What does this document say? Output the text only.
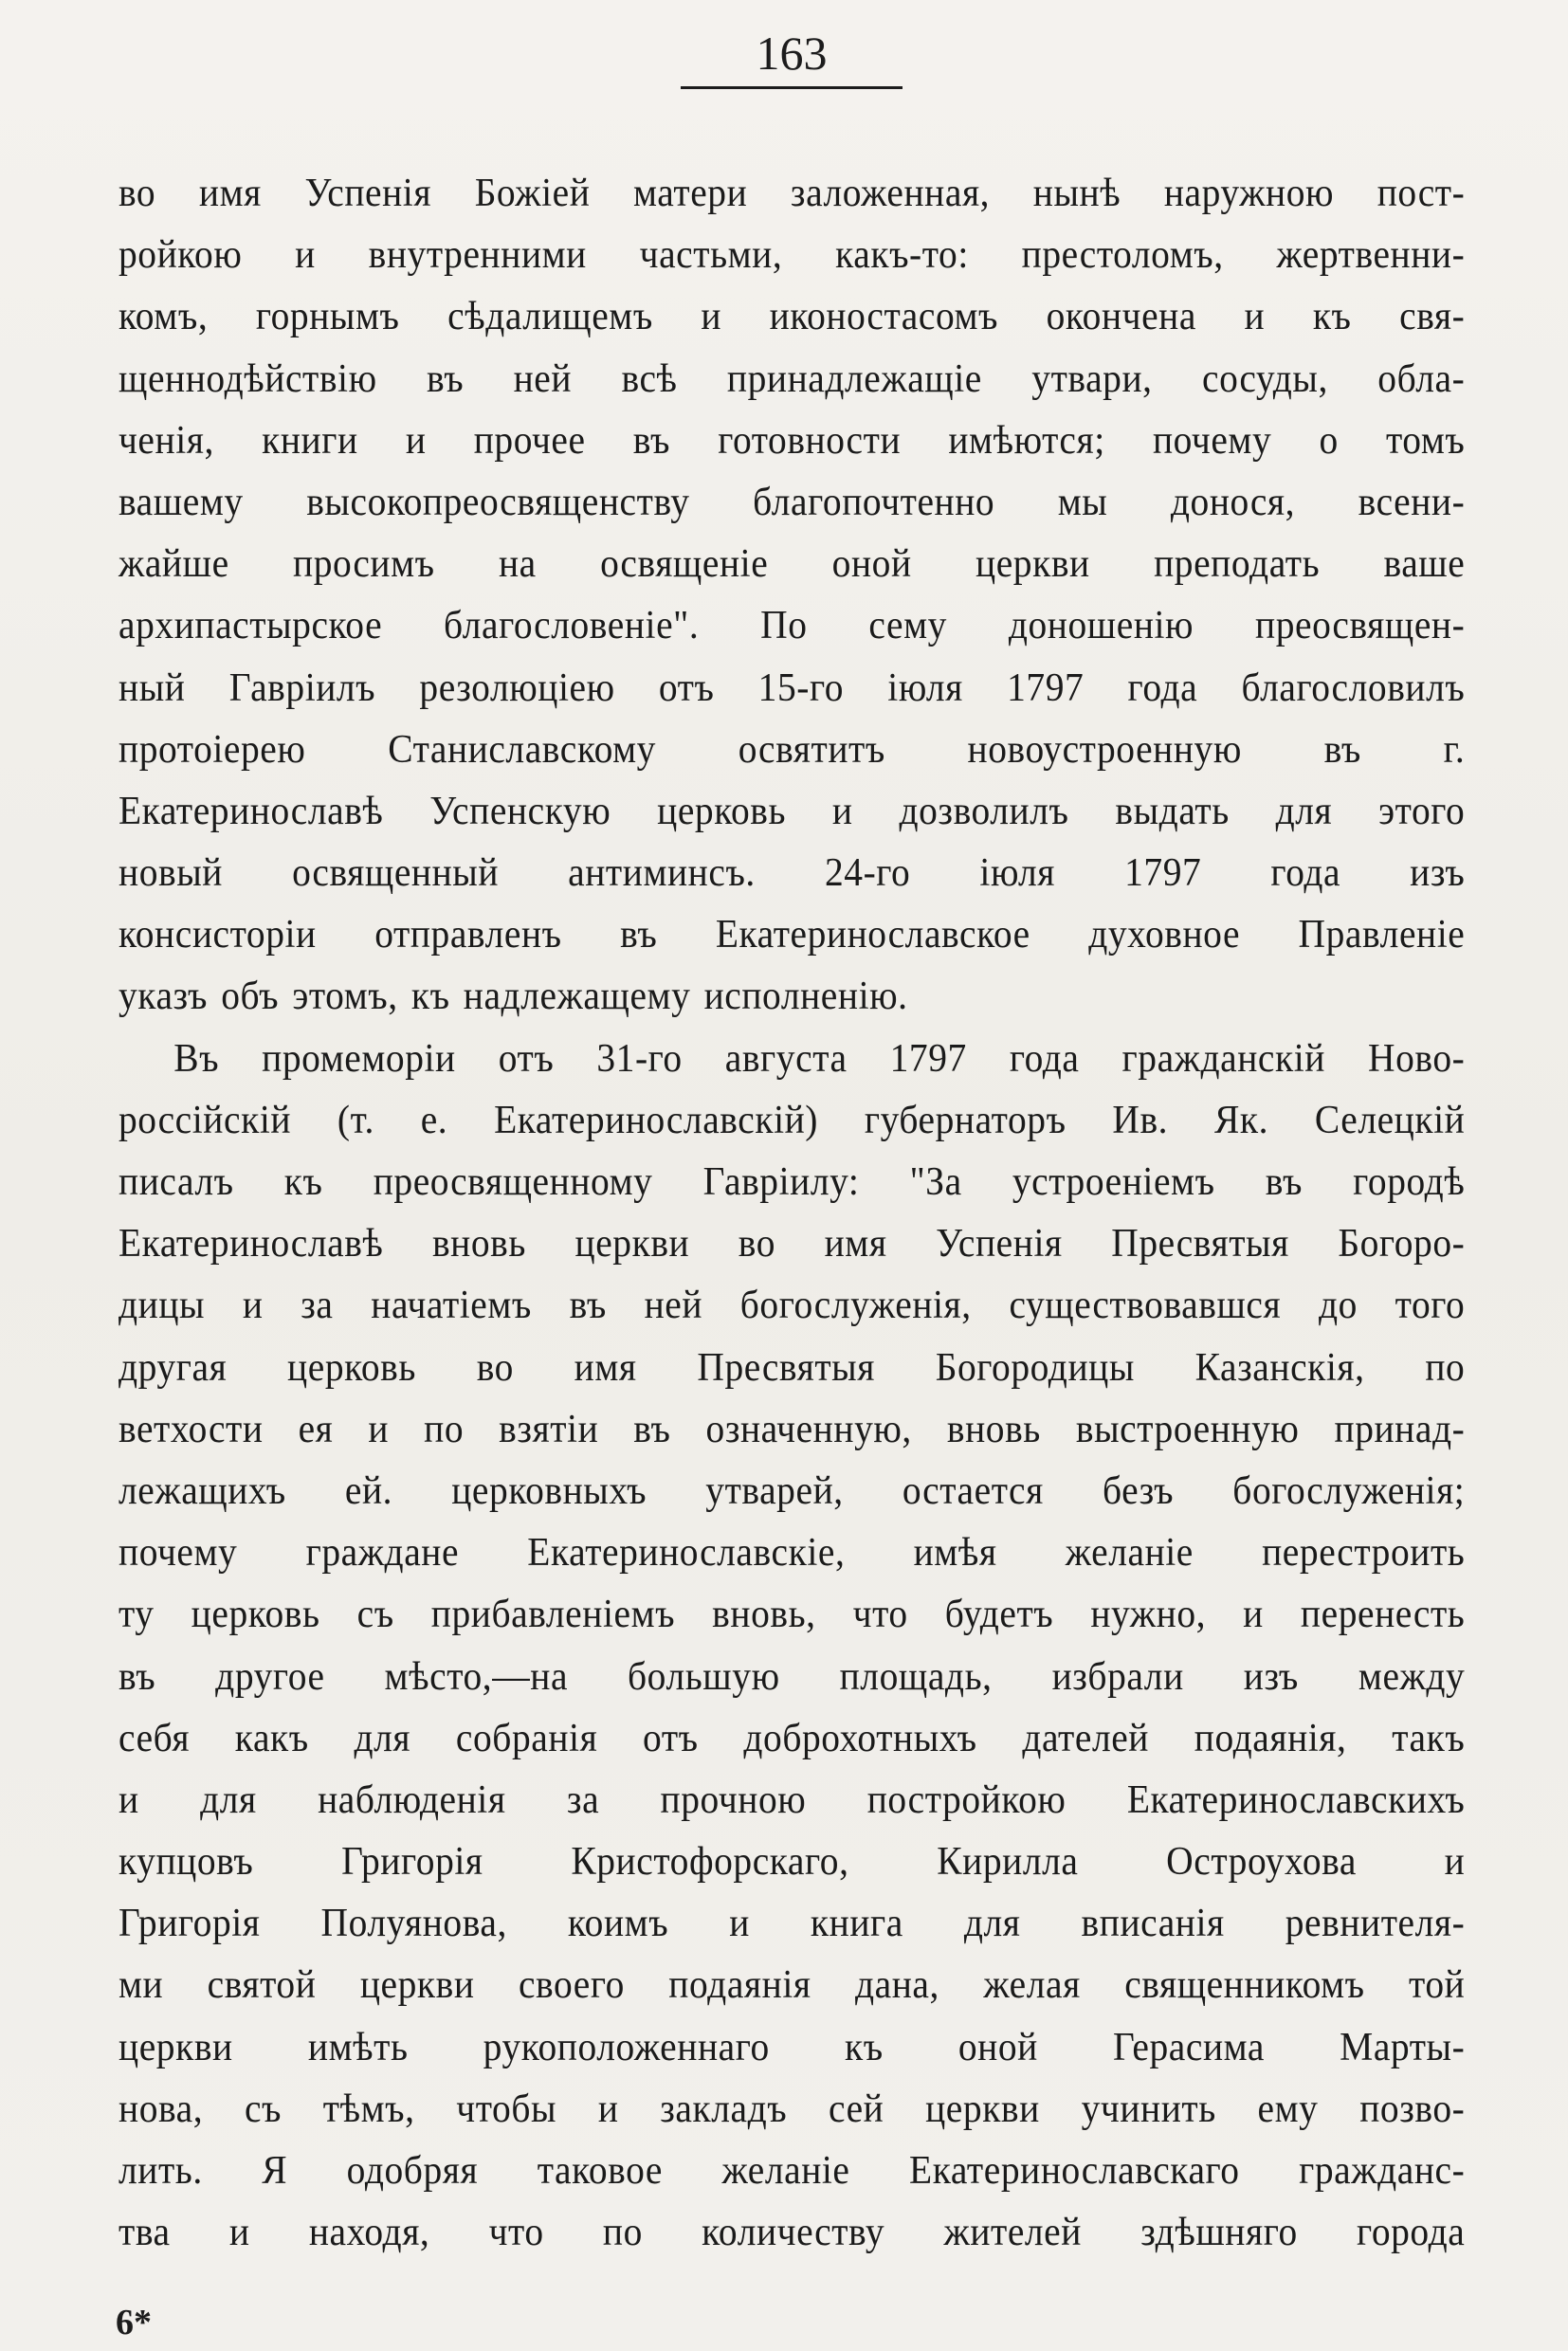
163
во имя Успенія Божіей матери заложенная, нынѣ наружною пост-
ройкою и внутренними частьми, какъ-то: престоломъ, жертвенни-
комъ, горнымъ сѣдалищемъ и иконостасомъ окончена и къ свя-
щеннодѣйствію въ ней всѣ принадлежащіе утвари, сосуды, обла-
ченія, книги и прочее въ готовности имѣются; почему о томъ
вашему высокопреосвященству благопочтенно мы донося, всени-
жайше просимъ на освященіе оной церкви преподать ваше
архипастырское благословеніе". По сему доношенію преосвящен-
ный Гавріилъ резолюціею отъ 15-го іюля 1797 года благословилъ
протоіерею Станиславскому освятитъ новоустроенную въ г.
Екатеринославѣ Успенскую церковь и дозволилъ выдать для этого
новый освященный антиминсъ. 24-го іюля 1797 года изъ
консисторіи отправленъ въ Екатеринославское духовное Правленіе
указъ объ этомъ, къ надлежащему исполненію.
Въ промеморіи отъ 31-го августа 1797 года гражданскій Ново-
россійскій (т. е. Екатеринославскій) губернаторъ Ив. Як. Селецкій
писалъ къ преосвященному Гавріилу: "За устроеніемъ въ городѣ
Екатеринославѣ вновь церкви во имя Успенія Пресвятыя Богоро-
дицы и за начатіемъ въ ней богослуженія, существовавшся до того
другая церковь во имя Пресвятыя Богородицы Казанскія, по
ветхости ея и по взятіи въ означенную, вновь выстроенную принад-
лежащихъ ей. церковныхъ утварей, остается безъ богослуженія;
почему граждане Екатеринославскіе, имѣя желаніе перестроить
ту церковь съ прибавленіемъ вновь, что будетъ нужно, и перенесть
въ другое мѣсто,—на большую площадь, избрали изъ между
себя какъ для собранія отъ доброхотныхъ дателей подаянія, такъ
и для наблюденія за прочною постройкою Екатеринославскихъ
купцовъ Григорія Кристофорскаго, Кирилла Остроухова и
Григорія Полуянова, коимъ и книга для вписанія ревнителя-
ми святой церкви своего подаянія дана, желая священникомъ той
церкви имѣть рукоположеннаго къ оной Герасима Марты-
нова, съ тѣмъ, чтобы и закладъ сей церкви учинить ему позво-
лить. Я одобряя таковое желаніе Екатеринославскаго гражданс-
тва и находя, что по количеству жителей здѣшняго города
6*
